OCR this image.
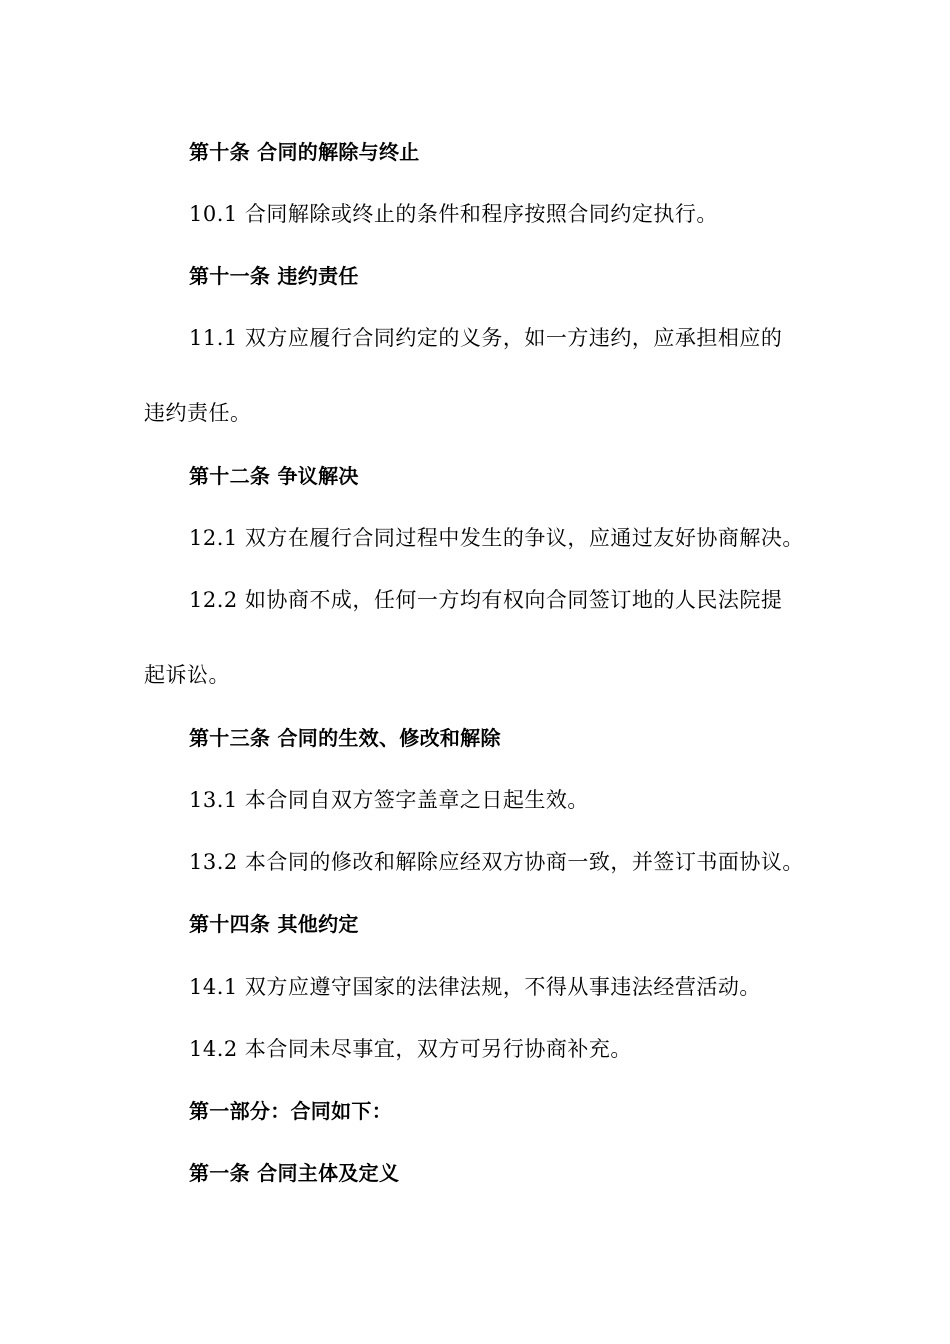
第十条 合同的解除与终止
10.1 合同解除或终止的条件和程序按照合同约定执行。
第十一条 违约责任
11.1 双方应履行合同约定的义务，如一方违约，应承担相应的
违约责任。
第十二条 争议解决
12.1 双方在履行合同过程中发生的争议，应通过友好协商解决。
12.2 如协商不成，任何一方均有权向合同签订地的人民法院提
起诉讼。
第十三条 合同的生效、修改和解除
13.1 本合同自双方签字盖章之日起生效。
13.2 本合同的修改和解除应经双方协商一致，并签订书面协议。
第十四条 其他约定
14.1 双方应遵守国家的法律法规，不得从事违法经营活动。
14.2 本合同未尽事宜，双方可另行协商补充。
第一部分：合同如下：
第一条 合同主体及定义
